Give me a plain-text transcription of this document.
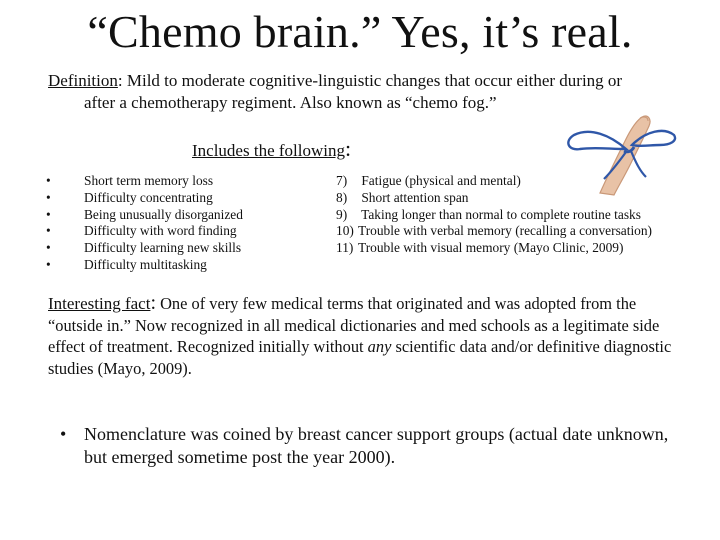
“Chemo brain.” Yes, it’s real.
Definition: Mild to moderate cognitive-linguistic changes that occur either during or
after a chemotherapy regiment. Also known as “chemo fog.”
Includes the following:
• Short term memory loss
• Difficulty concentrating
• Being unusually disorganized
• Difficulty with word finding
• Difficulty learning new skills
• Difficulty multitasking
7) Fatigue (physical and mental)
8) Short attention span
9) Taking longer than normal to complete routine tasks
10) Trouble with verbal memory (recalling a conversation)
11) Trouble with visual memory (Mayo Clinic, 2009)
Interesting fact: One of very few medical terms that originated and was adopted from the “outside in.” Now recognized in all medical dictionaries and med schools as a legitimate side effect of treatment. Recognized initially without any scientific data and/or definitive diagnostic studies (Mayo, 2009).
• Nomenclature was coined by breast cancer support groups (actual date unknown, but emerged sometime post the year 2000).
